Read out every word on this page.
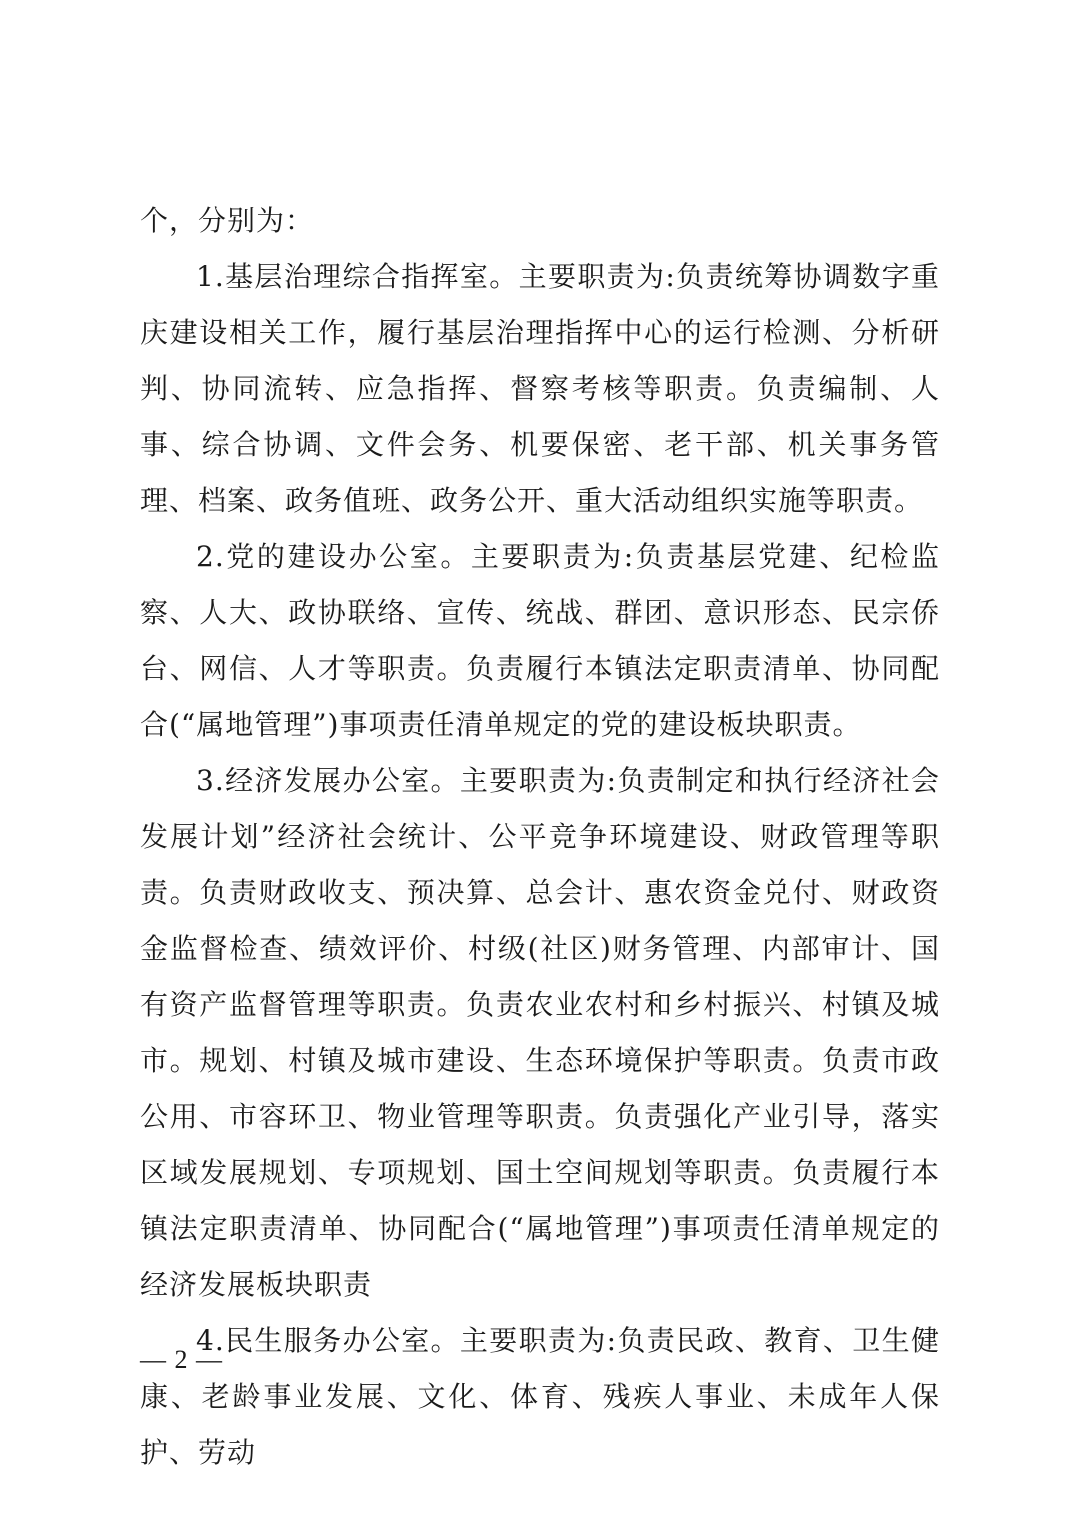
个，分别为：

1.基层治理综合指挥室。主要职责为:负责统筹协调数字重庆建设相关工作，履行基层治理指挥中心的运行检测、分析研判、协同流转、应急指挥、督察考核等职责。负责编制、人事、综合协调、文件会务、机要保密、老干部、机关事务管理、档案、政务值班、政务公开、重大活动组织实施等职责。

2.党的建设办公室。主要职责为:负责基层党建、纪检监察、人大、政协联络、宣传、统战、群团、意识形态、民宗侨台、网信、人才等职责。负责履行本镇法定职责清单、协同配合(“属地管理”)事项责任清单规定的党的建设板块职责。

3.经济发展办公室。主要职责为:负责制定和执行经济社会发展计划”经济社会统计、公平竞争环境建设、财政管理等职责。负责财政收支、预决算、总会计、惠农资金兑付、财政资金监督检查、绩效评价、村级(社区)财务管理、内部审计、国有资产监督管理等职责。负责农业农村和乡村振兴、村镇及城市。规划、村镇及城市建设、生态环境保护等职责。负责市政公用、市容环卫、物业管理等职责。负责强化产业引导，落实区域发展规划、专项规划、国土空间规划等职责。负责履行本镇法定职责清单、协同配合(“属地管理”)事项责任清单规定的经济发展板块职责

4.民生服务办公室。主要职责为:负责民政、教育、卫生健康、老龄事业发展、文化、体育、残疾人事业、未成年人保护、劳动

— 2 —
